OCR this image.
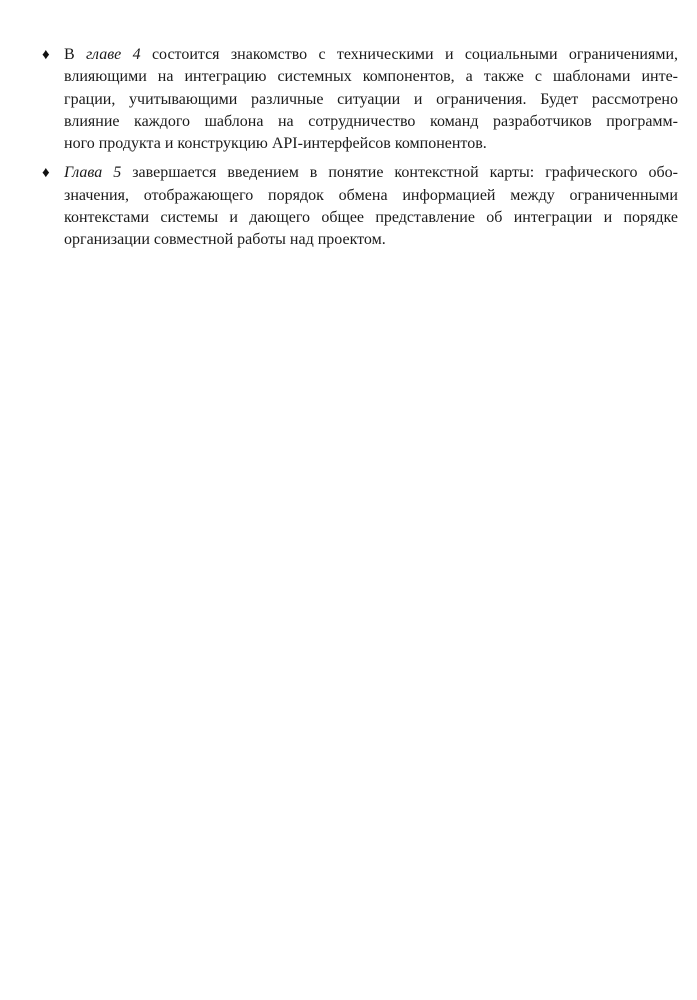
♦ В главе 4 состоится знакомство с техническими и социальными ограничениями,
влияющими на интеграцию системных компонентов, а также с шаблонами инте-
грации, учитывающими различные ситуации и ограничения. Будет рассмотрено
влияние каждого шаблона на сотрудничество команд разработчиков программ-
ного продукта и конструкцию API-интерфейсов компонентов.
♦ Глава 5 завершается введением в понятие контекстной карты: графического обо-
значения, отображающего порядок обмена информацией между ограниченными
контекстами системы и дающего общее представление об интеграции и порядке
организации совместной работы над проектом.
